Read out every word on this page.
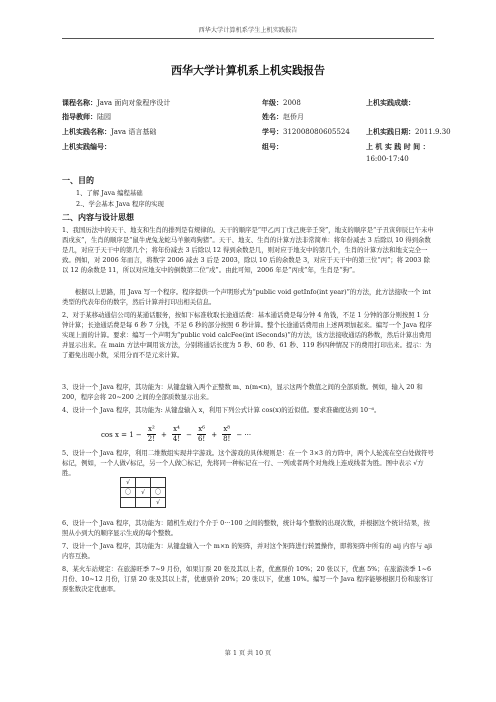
西华大学计算机系学生上机实践报告
西华大学计算机系上机实践报告
课程名称：Java 面向对象程序设计	年级：2008	上机实践成绩：
指导教师：陆园	姓名：赵侨月
上机实践名称：Java 语言基础	学号：312008080605524 上机实践日期：2011.9.30
上机实践编号：	组号：	上 机 实 践 时 间 ：
16:00-17:40
一、目的
1、了解 Java 编程基础
2.、学会基本 Java 程序的实现
二、内容与设计思想
1、我国历法中的天干、地支和生肖的排列是有规律的。天干的顺序是“甲乙丙丁戊己庚辛壬癸”，地支的顺序是“子丑寅卯辰巳午未申酉戌亥”，生肖的顺序是“鼠牛虎兔龙蛇马羊猴鸡狗猪”。天干、地支、生肖的计算方法非常简单：将年份减去 3 后除以 10 得到余数是几，对应于天干中的第几个；将年份减去 3 后除以 12 得到余数是几，则对应于地支中的第几个，生肖的计算方法和地支完全一致。例如，对 2006 年而言，将数字 2006 减去 3 后是 2003，除以 10 后的余数是 3，对应于天干中的第三位“丙”；将 2003 除以 12 的余数是 11，所以对应地支中的倒数第二位“戌”。由此可知，2006 年是“丙戌”年，生肖是“狗”。
根据以上思路，用 Java 写一个程序。程序提供一个声明形式为“public void getInfo(int year)”的方法，此方法接收一个 int 类型的代表年份的数字，然后计算并打印出相关信息。
2、对于某移动通信公司的某通话服务，按如下标准收取长途通话费：基本通话费是每分钟 4 角钱，不足 1 分钟的部分则按照 1 分钟计算；长途通话费是每 6 秒 7 分钱，不足 6 秒的部分按照 6 秒计算。整个长途通话费用由上述两项加起来。编写一个 Java 程序实现上面的计算。要求：编写一个声明为“public void calcFee(int iSeconds)”的方法，该方法接收通话的秒数，然后计算出费用并显示出来。在 main 方法中调用该方法，分别将通话长度为 5 秒、60 秒、61 秒、119 秒四种情况下的费用打印出来。提示：为了避免出现小数，采用分而不是元来计算。
3、设计一个 Java 程序，其功能为：从键盘输入两个正整数 m、n(m<n)，显示这两个数值之间的全部质数。例如，输入 20 和 200，程序会将 20~200 之间的全部质数显示出来。
4、设计一个 Java 程序，其功能为: 从键盘输入 x，利用下列公式计算 cos(x)的近似值。要求准确度达到 10⁻⁶。
$\cos x = 1 - \frac{\text{x²}}{2!} + \frac{\text{x⁴}}{4!} - \frac{\text{x⁶}}{6!} + \frac{\text{x⁸}}{8!}$ − ···
5、设计一个 Java 程序，利用二维数组实现井字游戏。这个游戏的具体规则是：在一个 3×3 的方阵中，两个人轮流在空白处做符号标记，例如，一个人做√标记，另一个人做〇标记，先将同一种标记在一行、一列或者两个对角线上连成线者为胜。图中表示 √方胜。
√		
〇	√	〇
		√
6、设计一个 Java 程序，其功能为：随机生成行个介于 0···100 之间的整数，统计每个整数的出现次数，并根据这个统计结果，按照从小到大的顺序显示生成的每个整数。
7、设计一个 Java 程序，其功能为：从键盘输入一个 m×n 的矩阵，并对这个矩阵进行转置操作，即将矩阵中所有的 aij 内容与 aji 内容互换。
8、某火车站规定：在旅游旺季 7~9 月份，如果订票 20 张及其以上者，优惠票价 10%；20 张以下，优惠 5%；在旅游淡季 1~6 月份、10~12 月份，订票 20 张及其以上者，优惠票价 20%；20 张以下，优惠 10%。编写一个 Java 程序能够根据月份和旅客订票张数决定优惠率。
第 1 页 共 10 页
